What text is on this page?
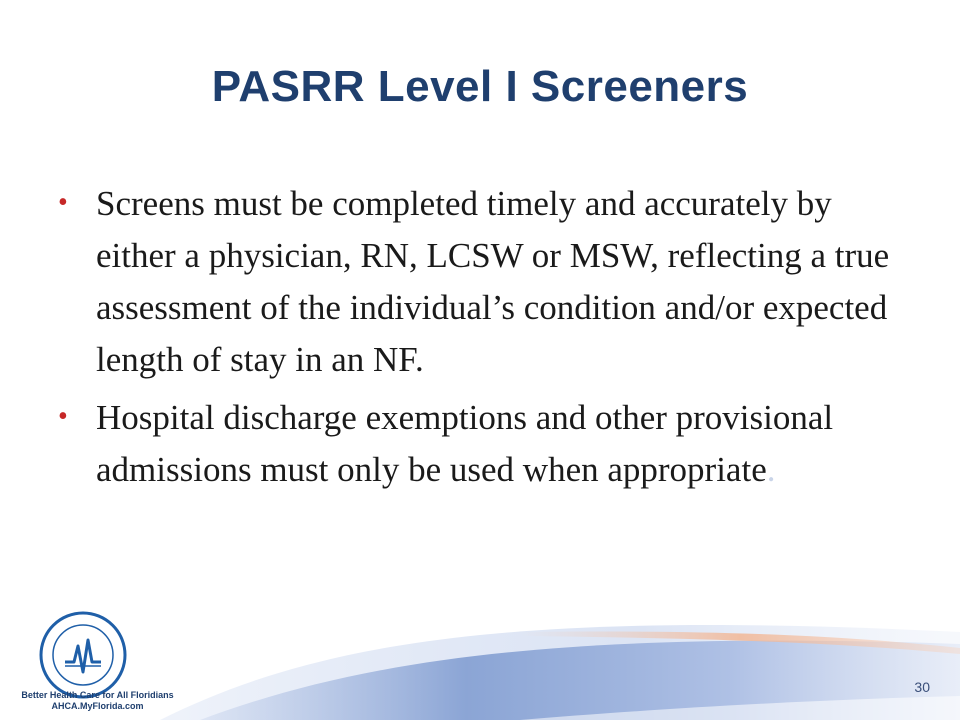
PASRR Level I Screeners
• Screens must be completed timely and accurately by either a physician, RN, LCSW or MSW, reflecting a true assessment of the individual’s condition and/or expected length of stay in an NF.
• Hospital discharge exemptions and other provisional admissions must only be used when appropriate.
Better Health Care for All Floridians
AHCA.MyFlorida.com
30
